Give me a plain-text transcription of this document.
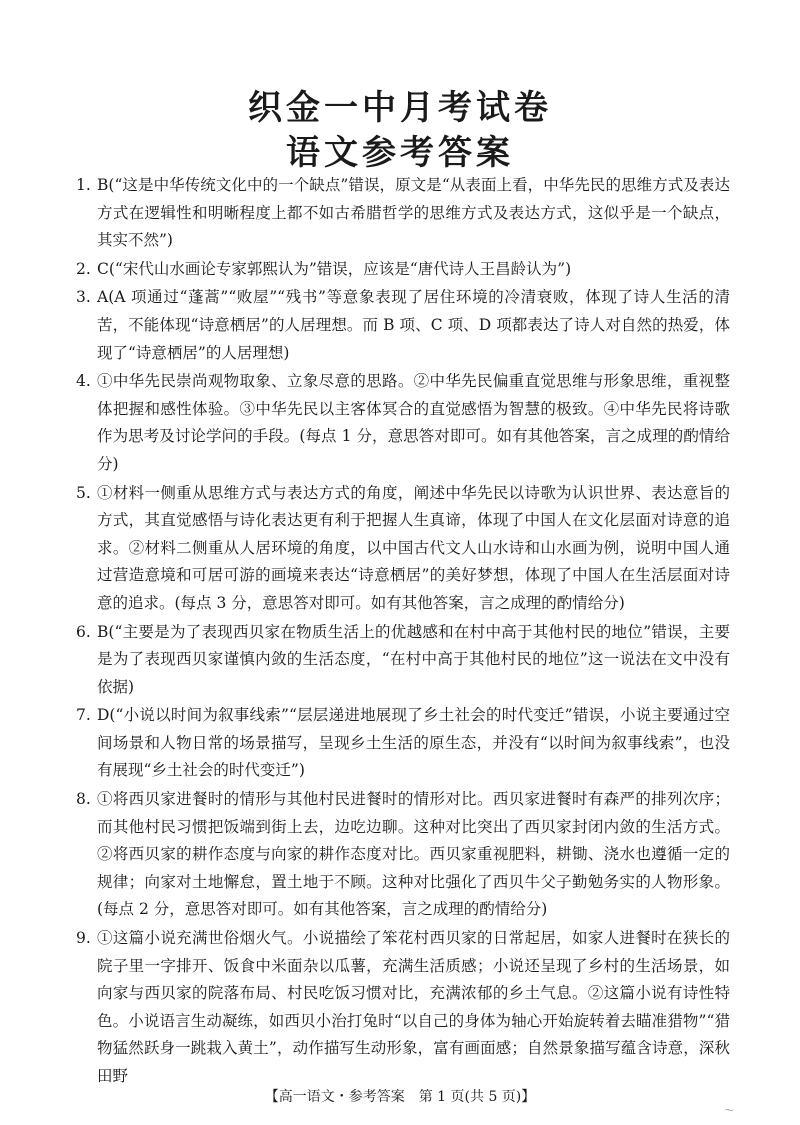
织金一中月考试卷
语文参考答案
1. B(“这是中华传统文化中的一个缺点”错误，原文是“从表面上看，中华先民的思维方式及表达方式在逻辑性和明晰程度上都不如古希腊哲学的思维方式及表达方式，这似乎是一个缺点，其实不然”)
2. C(“宋代山水画论专家郭熙认为”错误，应该是“唐代诗人王昌龄认为”)
3. A(A 项通过“蓬蒿”“败屋”“残书”等意象表现了居住环境的冷清衰败，体现了诗人生活的清苦，不能体现“诗意栖居”的人居理想。而 B 项、C 项、D 项都表达了诗人对自然的热爱，体现了“诗意栖居”的人居理想)
4. ①中华先民崇尚观物取象、立象尽意的思路。②中华先民偏重直觉思维与形象思维，重视整体把握和感性体验。③中华先民以主客体冥合的直觉感悟为智慧的极致。④中华先民将诗歌作为思考及讨论学问的手段。(每点 1 分，意思答对即可。如有其他答案，言之成理的酌情给分)
5. ①材料一侧重从思维方式与表达方式的角度，阐述中华先民以诗歌为认识世界、表达意旨的方式，其直觉感悟与诗化表达更有利于把握人生真谛，体现了中国人在文化层面对诗意的追求。②材料二侧重从人居环境的角度，以中国古代文人山水诗和山水画为例，说明中国人通过营造意境和可居可游的画境来表达“诗意栖居”的美好梦想，体现了中国人在生活层面对诗意的追求。(每点 3 分，意思答对即可。如有其他答案，言之成理的酌情给分)
6. B(“主要是为了表现西贝家在物质生活上的优越感和在村中高于其他村民的地位”错误，主要是为了表现西贝家谨慎内敛的生活态度，“在村中高于其他村民的地位”这一说法在文中没有依据)
7. D(“小说以时间为叙事线索”“层层递进地展现了乡土社会的时代变迁”错误，小说主要通过空间场景和人物日常的场景描写，呈现乡土生活的原生态，并没有“以时间为叙事线索”，也没有展现“乡土社会的时代变迁”)
8. ①将西贝家进餐时的情形与其他村民进餐时的情形对比。西贝家进餐时有森严的排列次序；而其他村民习惯把饭端到街上去，边吃边聊。这种对比突出了西贝家封闭内敛的生活方式。②将西贝家的耕作态度与向家的耕作态度对比。西贝家重视肥料，耕锄、浇水也遵循一定的规律；向家对土地懈怠，置土地于不顾。这种对比强化了西贝牛父子勤勉务实的人物形象。(每点 2 分，意思答对即可。如有其他答案，言之成理的酌情给分)
9. ①这篇小说充满世俗烟火气。小说描绘了笨花村西贝家的日常起居，如家人进餐时在狭长的院子里一字排开、饭食中米面杂以瓜薯，充满生活质感；小说还呈现了乡村的生活场景，如向家与西贝家的院落布局、村民吃饭习惯对比，充满浓郁的乡土气息。②这篇小说有诗性特色。小说语言生动凝练，如西贝小治打兔时“以自己的身体为轴心开始旋转着去瞄准猎物”“猎物猛然跃身一跳栽入黄土”，动作描写生动形象，富有画面感；自然景象描写蕴含诗意，深秋田野
【高一语文・参考答案　第 1 页(共 5 页)】
～
